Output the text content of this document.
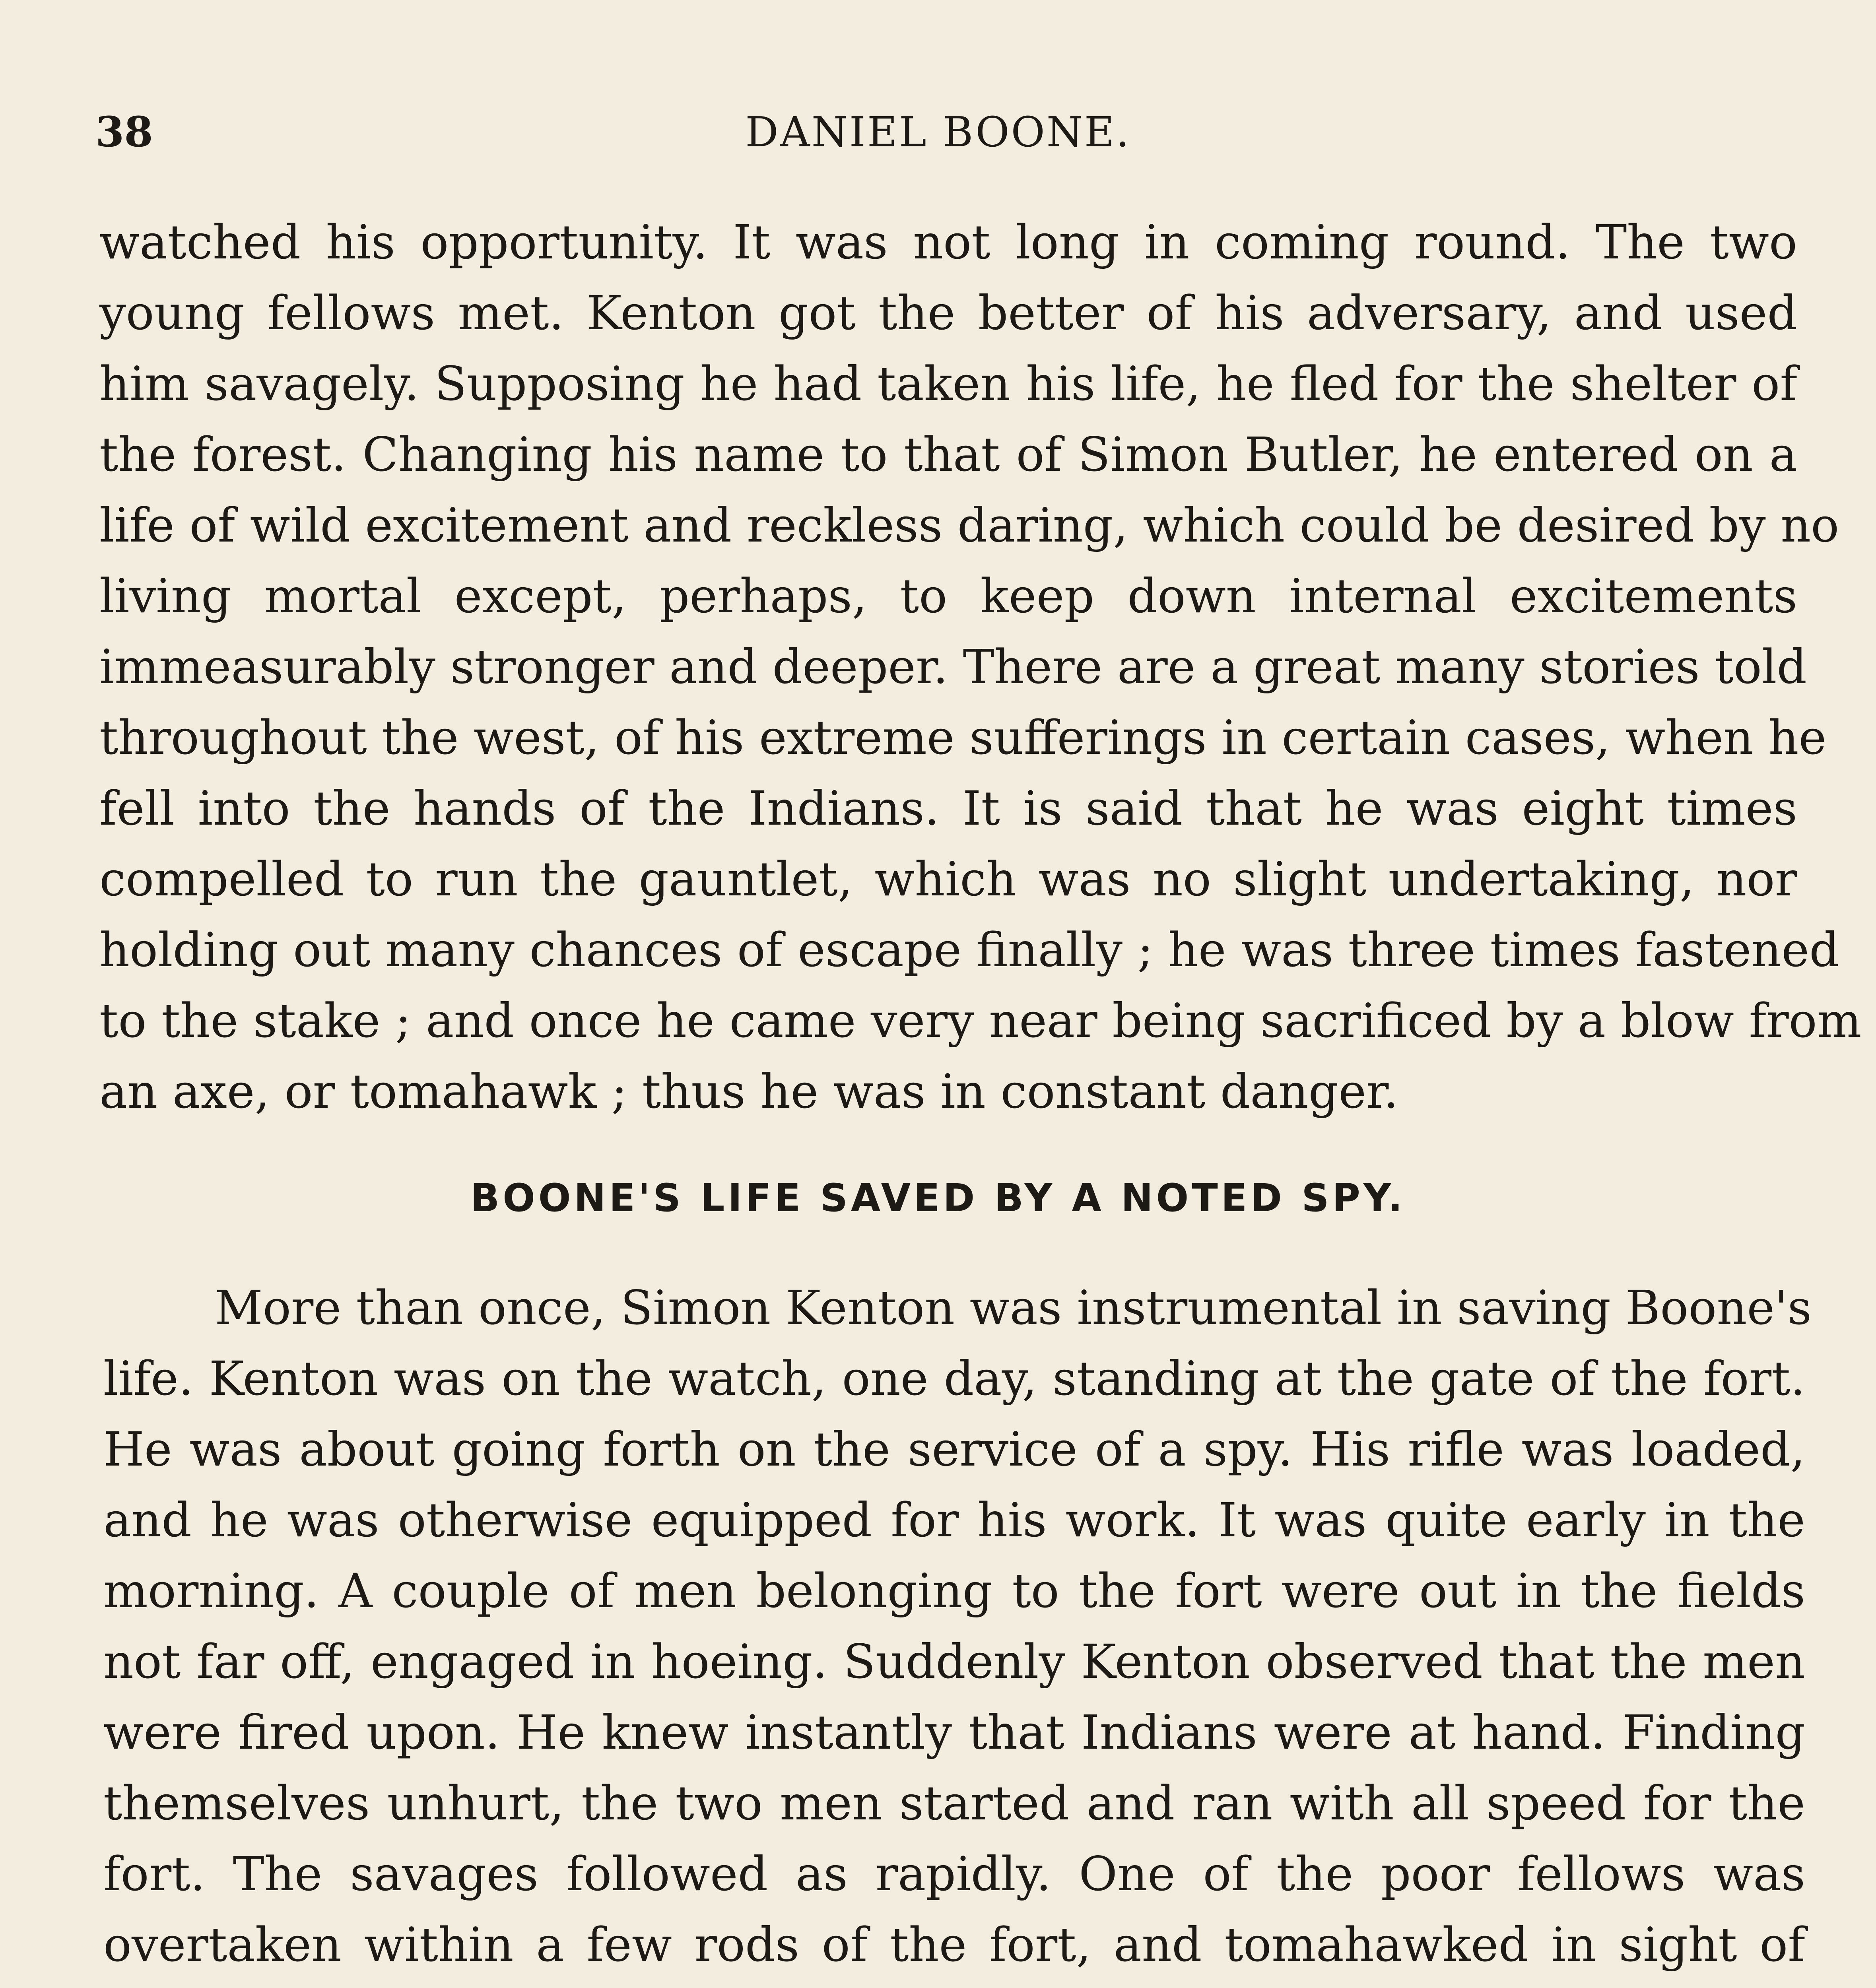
38	DANIEL BOONE.
watched his opportunity. It was not long in coming round. The two
young fellows met. Kenton got the better of his adversary, and used
him savagely. Supposing he had taken his life, he fled for the shelter of
the forest. Changing his name to that of Simon Butler, he entered on a
life of wild excitement and reckless daring, which could be desired by no
living mortal except, perhaps, to keep down internal excitements
immeasurably stronger and deeper. There are a great many stories told
throughout the west, of his extreme sufferings in certain cases, when he
fell into the hands of the Indians. It is said that he was eight times
compelled to run the gauntlet, which was no slight undertaking, nor
holding out many chances of escape finally ; he was three times fastened
to the stake ; and once he came very near being sacrificed by a blow from
an axe, or tomahawk ; thus he was in constant danger.
BOONE'S LIFE SAVED BY A NOTED SPY.
More than once, Simon Kenton was instrumental in saving Boone's
life. Kenton was on the watch, one day, standing at the gate of the fort.
He was about going forth on the service of a spy. His rifle was loaded,
and he was otherwise equipped for his work. It was quite early in the
morning. A couple of men belonging to the fort were out in the fields
not far off, engaged in hoeing. Suddenly Kenton observed that the men
were fired upon. He knew instantly that Indians were at hand. Finding
themselves unhurt, the two men started and ran with all speed for the
fort. The savages followed as rapidly. One of the poor fellows was
overtaken within a few rods of the fort, and tomahawked in sight of
